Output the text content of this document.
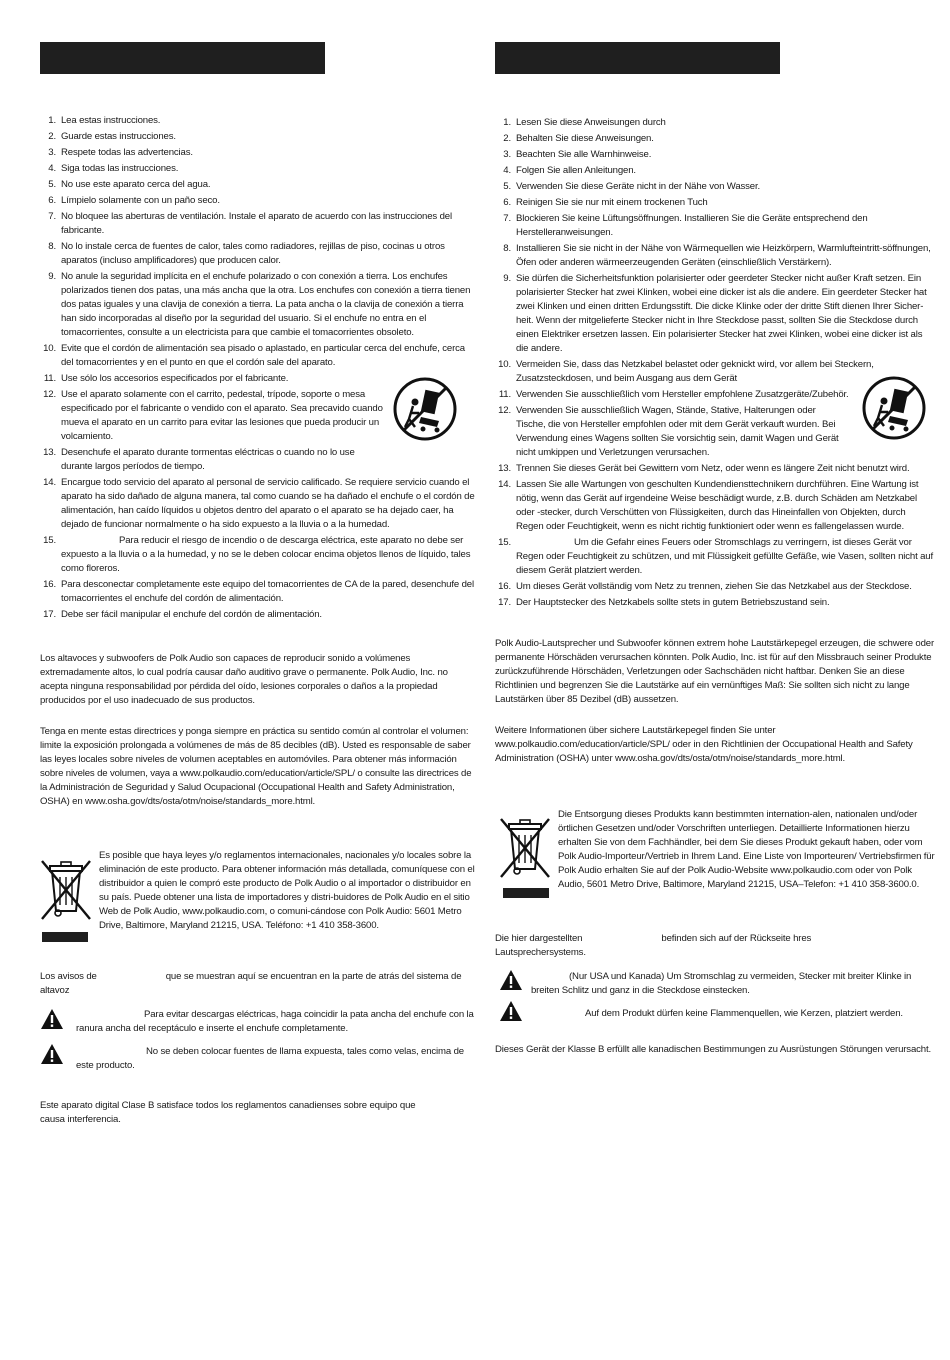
1. Lea estas instrucciones.
2. Guarde estas instrucciones.
3. Respete todas las advertencias.
4. Siga todas las instrucciones.
5. No use este aparato cerca del agua.
6. Límpielo solamente con un paño seco.
7. No bloquee las aberturas de ventilación. Instale el aparato de acuerdo con las instrucciones del fabricante.
8. No lo instale cerca de fuentes de calor, tales como radiadores, rejillas de piso, cocinas u otros aparatos (incluso amplificadores) que producen calor.
9. No anule la seguridad implícita en el enchufe polarizado o con conexión a tierra. Los enchufes polarizados tienen dos patas, una más ancha que la otra. Los enchufes con conexión a tierra tienen dos patas iguales y una clavija de conexión a tierra. La pata ancha o la clavija de conexión a tierra han sido incorporadas al diseño por la seguridad del usuario. Si el enchufe no entra en el tomacorrientes, consulte a un electricista para que cambie el tomacorrientes obsoleto.
10. Evite que el cordón de alimentación sea pisado o aplastado, en particular cerca del enchufe, cerca del tomacorrientes y en el punto en que el cordón sale del aparato.
11. Use sólo los accesorios especificados por el fabricante.
12. Use el aparato solamente con el carrito, pedestal, trípode, soporte o mesa especificado por el fabricante o vendido con el aparato. Sea precavido cuando mueva el aparato en un carrito para evitar las lesiones que pueda producir un volcamiento.
13. Desenchufe el aparato durante tormentas eléctricas o cuando no lo use durante largos períodos de tiempo.
14. Encargue todo servicio del aparato al personal de servicio calificado. Se requiere servicio cuando el aparato ha sido dañado de alguna manera, tal como cuando se ha dañado el enchufe o el cordón de alimentación, han caído líquidos u objetos dentro del aparato o el aparato se ha dejado caer, ha dejado de funcionar normalmente o ha sido expuesto a la lluvia o a la humedad.
15.	Para reducir el riesgo de incendio o de descarga eléctrica, este aparato no debe ser expuesto a la lluvia o a la humedad, y no se le deben colocar encima objetos llenos de líquido, tales como floreros.
16. Para desconectar completamente este equipo del tomacorrientes de CA de la pared, desenchufe del tomacorrientes el enchufe del cordón de alimentación.
17. Debe ser fácil manipular el enchufe del cordón de alimentación.
Los altavoces y subwoofers de Polk Audio son capaces de reproducir sonido a volúmenes extremadamente altos, lo cual podría causar daño auditivo grave o permanente. Polk Audio, Inc. no acepta ninguna responsabilidad por pérdida del oído, lesiones corporales o daños a la propiedad producidos por el uso inadecuado de sus productos.
Tenga en mente estas directrices y ponga siempre en práctica su sentido común al controlar el volumen: limite la exposición prolongada a volúmenes de más de 85 decibles (dB). Usted es responsable de saber las leyes locales sobre niveles de volumen aceptables en automóviles. Para obtener más información sobre niveles de volumen, vaya a www.polkaudio.com/education/article/SPL/ o consulte las directrices de la Administración de Seguridad y Salud Ocupacional (Occupational Health and Safety Administration, OSHA) en www.osha.gov/dts/osta/otm/noise/standards_more.html.
Es posible que haya leyes y/o reglamentos internacionales, nacionales y/o locales sobre la eliminación de este producto. Para obtener información más detallada, comuníquese con el distribuidor a quien le compró este producto de Polk Audio o al importador o distribuidor en su país. Puede obtener una lista de importadores y distri-buidores de Polk Audio en el sitio Web de Polk Audio, www.polkaudio.com, o comuni-cándose con Polk Audio: 5601 Metro Drive, Baltimore, Maryland 21215, USA. Teléfono: +1 410 358-3600.
Los avisos de	que se muestran aquí se encuentran en la parte de atrás del sistema de altavoz
Para evitar descargas eléctricas, haga coincidir la pata ancha del enchufe con la ranura ancha del receptáculo e inserte el enchufe completamente.
No se deben colocar fuentes de llama expuesta, tales como velas, encima de este producto.
Este aparato digital Clase B satisface todos los reglamentos canadienses sobre equipo que causa interferencia.
1. Lesen Sie diese Anweisungen durch
2. Behalten Sie diese Anweisungen.
3. Beachten Sie alle Warnhinweise.
4. Folgen Sie allen Anleitungen.
5. Verwenden Sie diese Geräte nicht in der Nähe von Wasser.
6. Reinigen Sie sie nur mit einem trockenen Tuch
7. Blockieren Sie keine Lüftungsöffnungen. Installieren Sie die Geräte entsprechend den Herstelleranweisungen.
8. Installieren Sie sie nicht in der Nähe von Wärmequellen wie Heizkörpern, Warmlufteintritt-söffnungen, Öfen oder anderen wärmeerzeugenden Geräten (einschließlich Verstärkern).
9. Sie dürfen die Sicherheitsfunktion polarisierter oder geerdeter Stecker nicht außer Kraft setzen. Ein polarisierter Stecker hat zwei Klinken, wobei eine dicker ist als die andere. Ein geerdeter Stecker hat zwei Klinken und einen dritten Erdungsstift. Die dicke Klinke oder der dritte Stift dienen Ihrer Sicher-heit. Wenn der mitgelieferte Stecker nicht in Ihre Steckdose passt, sollten Sie die Steckdose durch einen Elektriker ersetzen lassen. Ein polarisierter Stecker hat zwei Klinken, wobei eine dicker ist als die andere.
10. Vermeiden Sie, dass das Netzkabel belastet oder geknickt wird, vor allem bei Steckern, Zusatzsteckdosen, und beim Ausgang aus dem Gerät
11. Verwenden Sie ausschließlich vom Hersteller empfohlene Zusatzgeräte/Zubehör.
12. Verwenden Sie ausschließlich Wagen, Stände, Stative, Halterungen oder Tische, die von Hersteller empfohlen oder mit dem Gerät verkauft wurden. Bei Verwendung eines Wagens sollten Sie vorsichtig sein, damit Wagen und Gerät nicht umkippen und Verletzungen verursachen.
13. Trennen Sie dieses Gerät bei Gewittern vom Netz, oder wenn es längere Zeit nicht benutzt wird.
14. Lassen Sie alle Wartungen von geschulten Kundendiensttechnikern durchführen. Eine Wartung ist nötig, wenn das Gerät auf irgendeine Weise beschädigt wurde, z.B. durch Schäden am Netzkabel oder -stecker, durch Verschütten von Flüssigkeiten, durch das Hineinfallen von Objekten, durch Regen oder Feuchtigkeit, wenn es nicht richtig funktioniert oder wenn es fallengelassen wurde.
15.	Um die Gefahr eines Feuers oder Stromschlags zu verringern, ist dieses Gerät vor Regen oder Feuchtigkeit zu schützen, und mit Flüssigkeit gefüllte Gefäße, wie Vasen, sollten nicht auf diesem Gerät platziert werden.
16. Um dieses Gerät vollständig vom Netz zu trennen, ziehen Sie das Netzkabel aus der Steckdose.
17. Der Hauptstecker des Netzkabels sollte stets in gutem Betriebszustand sein.
Polk Audio-Lautsprecher und Subwoofer können extrem hohe Lautstärkepegel erzeugen, die schwere oder permanente Hörschäden verursachen könnten. Polk Audio, Inc. ist für auf den Missbrauch seiner Produkte zurückzuführende Hörschäden, Verletzungen oder Sachschäden nicht haftbar. Denken Sie an diese Richtlinien und begrenzen Sie die Lautstärke auf ein vernünftiges Maß: Sie sollten sich nicht zu lange Lautstärken über 85 Dezibel (dB) aussetzen.
Weitere Informationen über sichere Lautstärkepegel finden Sie unter www.polkaudio.com/education/article/SPL/ oder in den Richtlinien der Occupational Health and Safety Administration (OSHA) unter www.osha.gov/dts/osta/otm/noise/standards_more.html.
Die Entsorgung dieses Produkts kann bestimmten internation-alen, nationalen und/oder örtlichen Gesetzen und/oder Vorschriften unterliegen. Detaillierte Informationen hierzu erhalten Sie von dem Fachhändler, bei dem Sie dieses Produkt gekauft haben, oder vom Polk Audio-Importeur/Vertrieb in Ihrem Land. Eine Liste von Importeuren/ Vertriebsfirmen für Polk Audio erhalten Sie auf der Polk Audio-Website www.polkaudio.com oder von Polk Audio, 5601 Metro Drive, Baltimore, Maryland 21215, USA–Telefon: +1 410 358-3600.0.
Die hier dargestellten	befinden sich auf der Rückseite hres
Lautsprechersystems.
(Nur USA und Kanada) Um Stromschlag zu vermeiden, Stecker mit breiter Klinke in breiten Schlitz und ganz in die Steckdose einstecken.
Auf dem Produkt dürfen keine Flammenquellen, wie Kerzen, platziert werden.
Dieses Gerät der Klasse B erfüllt alle kanadischen Bestimmungen zu Ausrüstungen Störungen verursacht.
